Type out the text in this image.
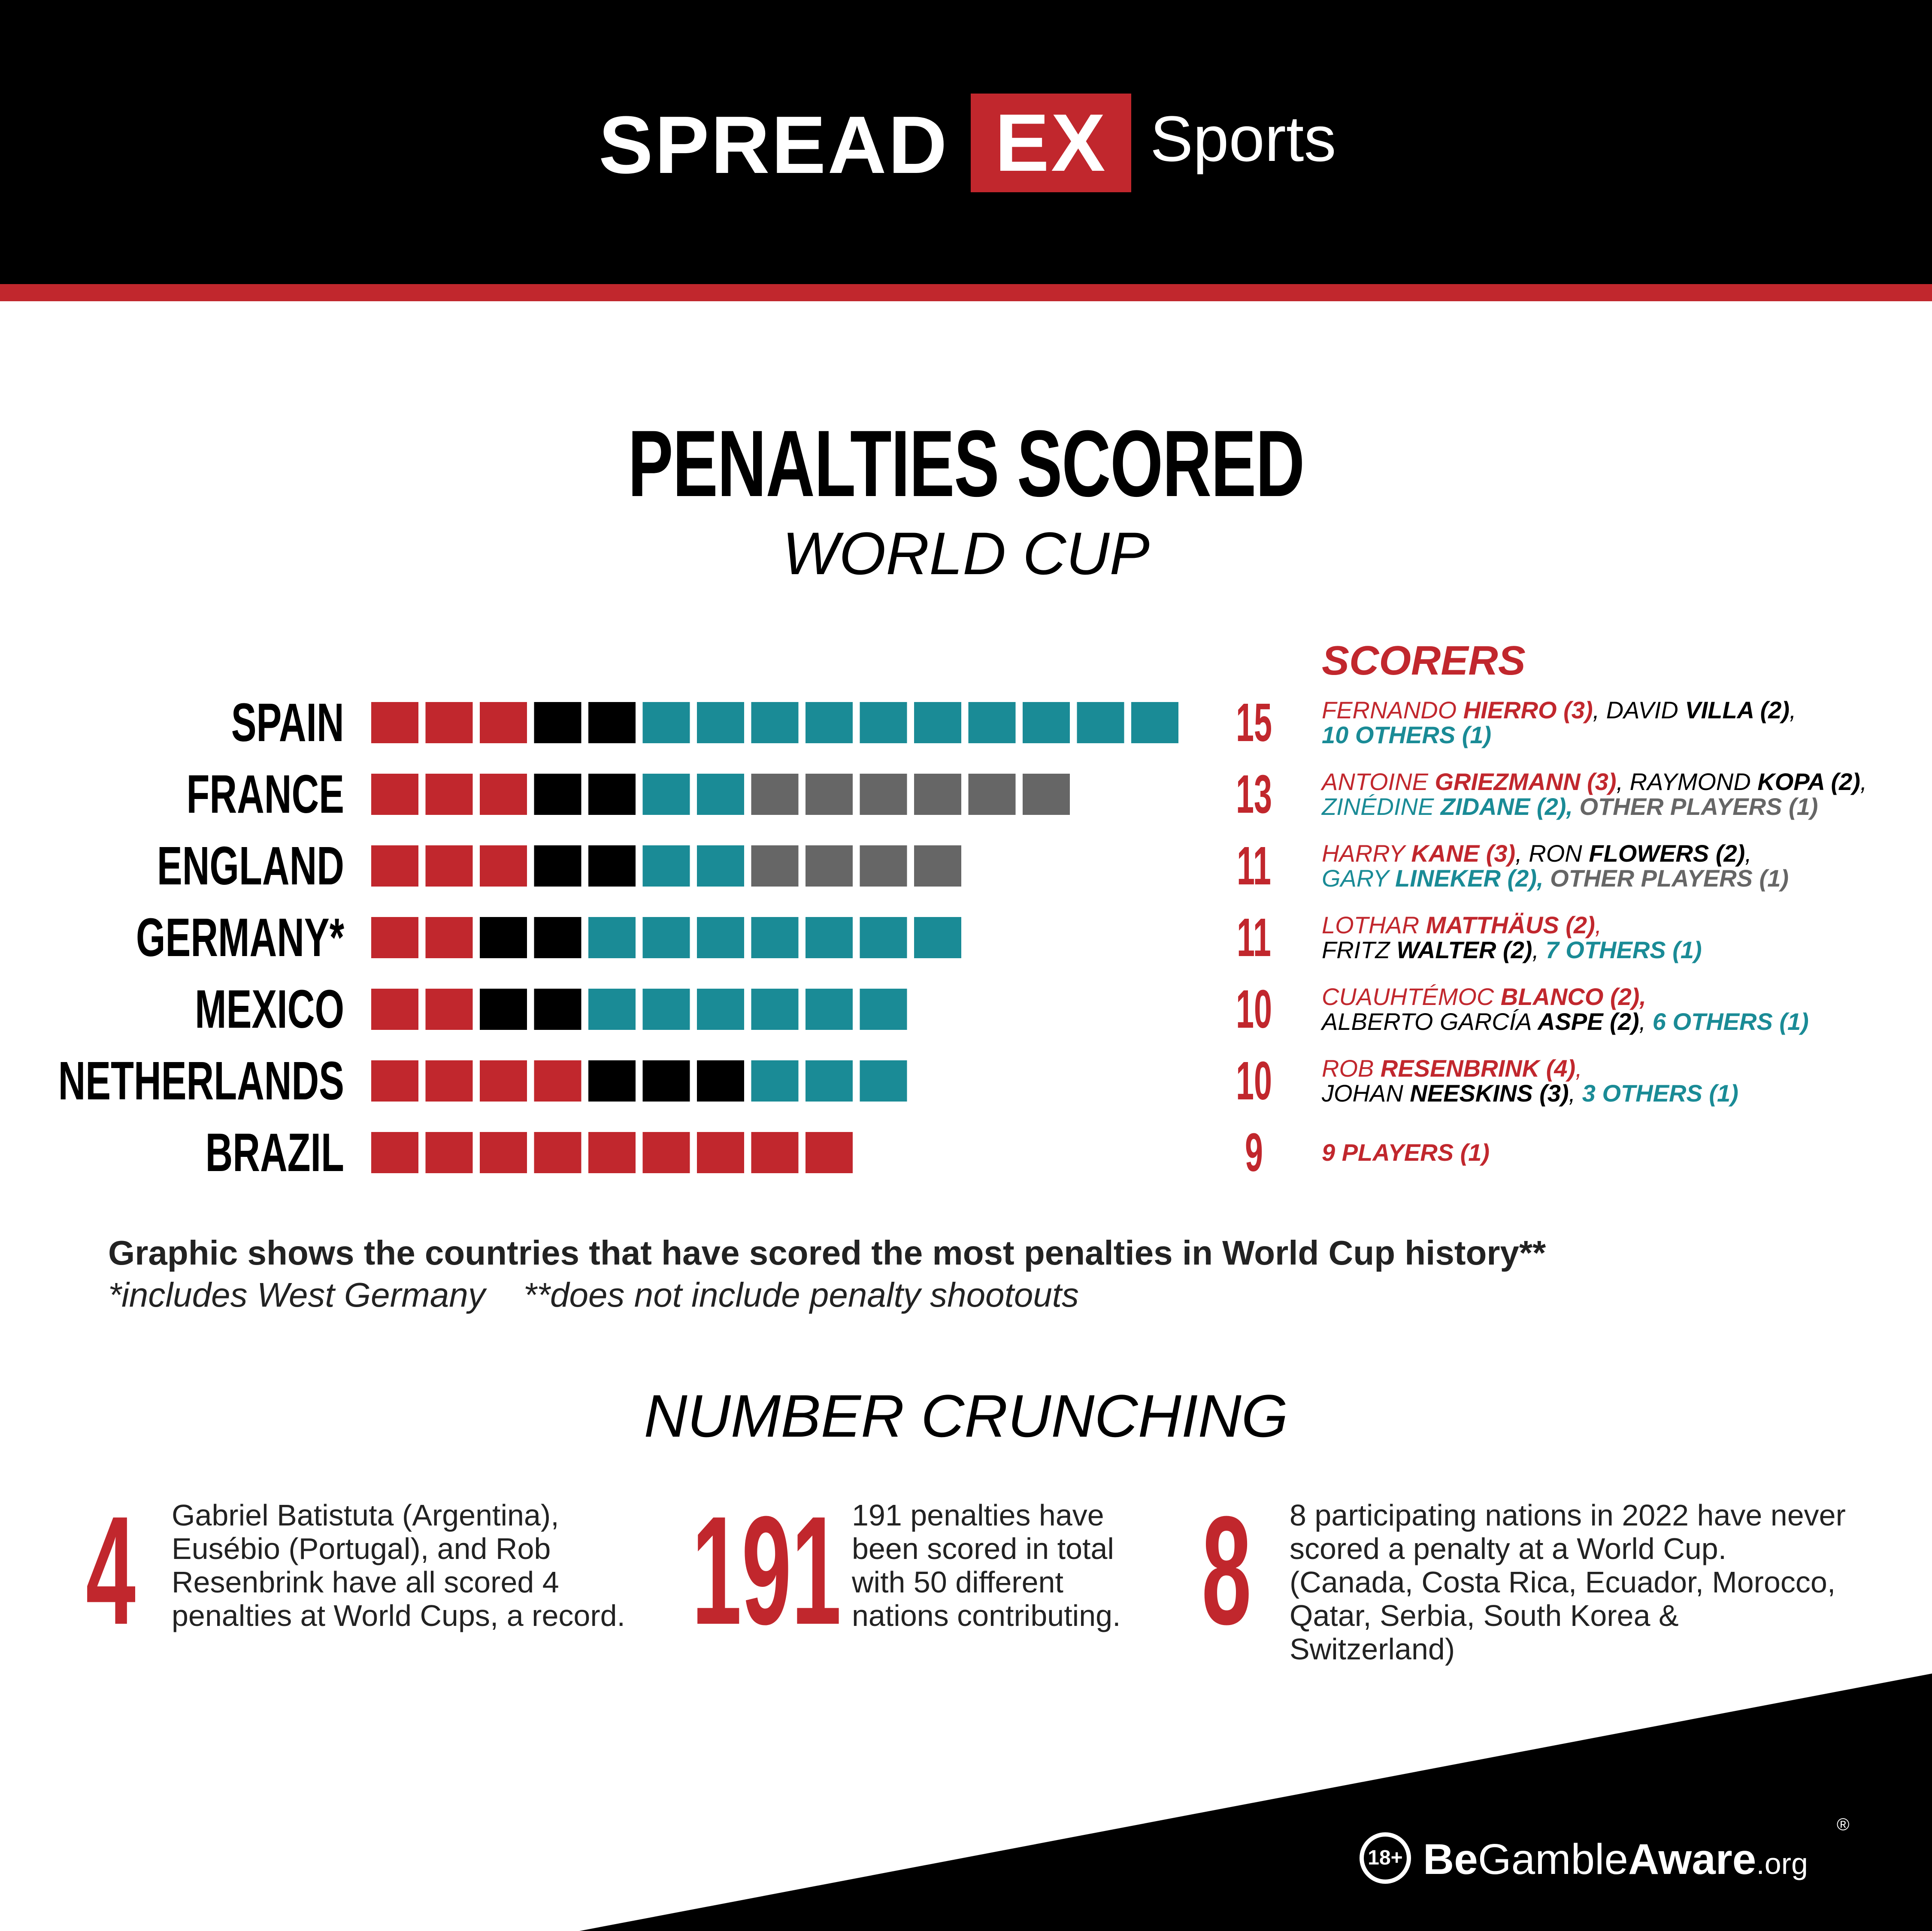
SPREAD EX Sports
PENALTIES SCORED
WORLD CUP
SCORERS
SPAIN	15	FERNANDO HIERRO (3), DAVID VILLA (2),
10 OTHERS (1)
FRANCE	13	ANTOINE GRIEZMANN (3), RAYMOND KOPA (2),
ZINÉDINE ZIDANE (2), OTHER PLAYERS (1)
ENGLAND	11	HARRY KANE (3), RON FLOWERS (2),
GARY LINEKER (2), OTHER PLAYERS (1)
GERMANY*	11	LOTHAR MATTHÄUS (2),
FRITZ WALTER (2), 7 OTHERS (1)
MEXICO	10	CUAUHTÉMOC BLANCO (2),
ALBERTO GARCÍA ASPE (2), 6 OTHERS (1)
NETHERLANDS	10	ROB RESENBRINK (4),
JOHAN NEESKINS (3), 3 OTHERS (1)
BRAZIL	9	9 PLAYERS (1)
Graphic shows the countries that have scored the most penalties in World Cup history**
*includes West Germany    **does not include penalty shootouts
NUMBER CRUNCHING
4 Gabriel Batistuta (Argentina), Eusébio (Portugal), and Rob Resenbrink have all scored 4 penalties at World Cups, a record. 191 191 penalties have been scored in total with 50 different nations contributing. 8 8 participating nations in 2022 have never scored a penalty at a World Cup. (Canada, Costa Rica, Ecuador, Morocco, Qatar, Serbia, South Korea & Switzerland)
18+ BeGambleAware.org
®
